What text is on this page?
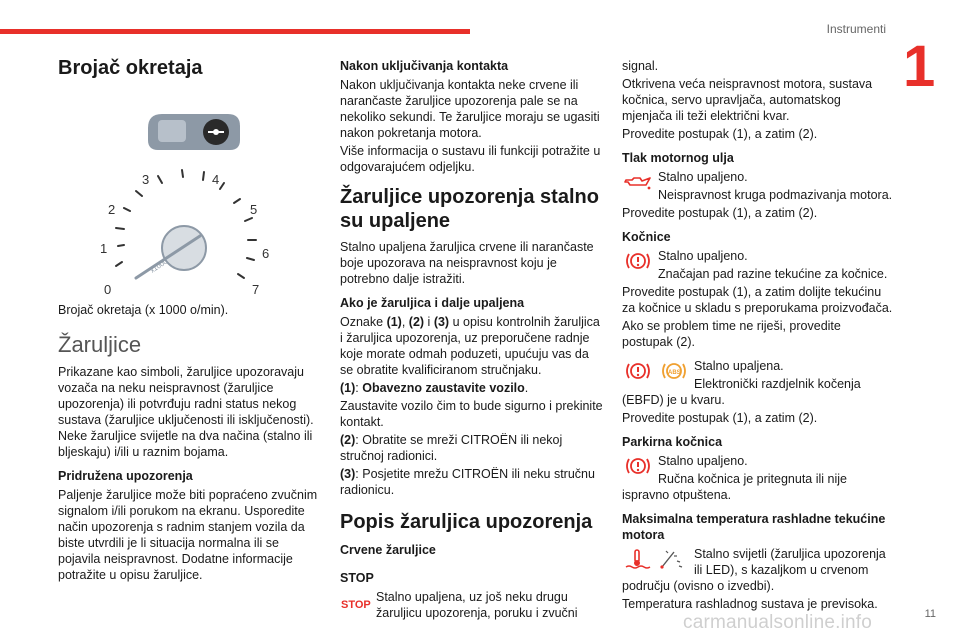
Instrumenti
1
Brojač okretaja
0
1
2
3	4
5
6
7
x1000

Brojač okretaja (x 1000 o/min).

Žaruljice

Prikazane kao simboli, žaruljice upozoravaju vozača na neku neispravnost (žaruljice upozorenja) ili potvrđuju radni status nekog sustava (žaruljice uključenosti ili isključenosti). Neke žaruljice svijetle na dva načina (stalno ili bljeskaju) i/ili u raznim bojama.

Pridružena upozorenja

Paljenje žaruljice može biti popraćeno zvučnim signalom i/ili porukom na ekranu. Usporedite način upozorenja s radnim stanjem vozila da biste utvrdili je li situacija normalna ili se pojavila neispravnost. Dodatne informacije potražite u opisu žaruljice.

Nakon uključivanja kontakta

Nakon uključivanja kontakta neke crvene ili narančaste žaruljice upozorenja pale se na nekoliko sekundi. Te žaruljice moraju se ugasiti nakon pokretanja motora.

Više informacija o sustavu ili funkciji potražite u odgovarajućem odjeljku.

Žaruljice upozorenja stalno su upaljene

Stalno upaljena žaruljica crvene ili narančaste boje upozorava na neispravnost koju je potrebno dalje istražiti.

Ako je žaruljica i dalje upaljena

Oznake (1), (2) i (3) u opisu kontrolnih žaruljica i žaruljica upozorenja, uz preporučene radnje koje morate odmah poduzeti, upućuju vas da se obratite kvalificiranom stručnjaku.

(1): Obavezno zaustavite vozilo.

Zaustavite vozilo čim to bude sigurno i prekinite kontakt.

(2): Obratite se mreži CITROËN ili nekoj stručnoj radionici.

(3): Posjetite mrežu CITROËN ili neku stručnu radionicu.

Popis žaruljica upozorenja
Crvene žaruljice
STOP
STOP

Stalno upaljena, uz još neku drugu žaruljicu upozorenja, poruku i zvučni

signal.

Otkrivena veća neispravnost motora, sustava kočnica, servo upravljača, automatskog mjenjača ili teži električni kvar.

Provedite postupak (1), a zatim (2).

Tlak motornog ulja

Stalno upaljeno.

Neispravnost kruga podmazivanja motora.

Provedite postupak (1), a zatim (2).

Kočnice

Stalno upaljeno.

Značajan pad razine tekućine za kočnice.

Provedite postupak (1), a zatim dolijte tekućinu za kočnice u skladu s preporukama proizvođača.

Ako se problem time ne riješi, provedite postupak (2).

ABS	Stalno upaljena.

Elektronički razdjelnik kočenja (EBFD) je u kvaru.

Provedite postupak (1), a zatim (2).

Parkirna kočnica

Stalno upaljeno.

Ručna kočnica je pritegnuta ili nije ispravno otpuštena.

Maksimalna temperatura rashladne tekućine motora

Stalno svijetli (žaruljica upozorenja ili LED), s kazaljkom u crvenom području (ovisno o izvedbi).

Temperatura rashladnog sustava je previsoka.

carmanualsonline.info	11
